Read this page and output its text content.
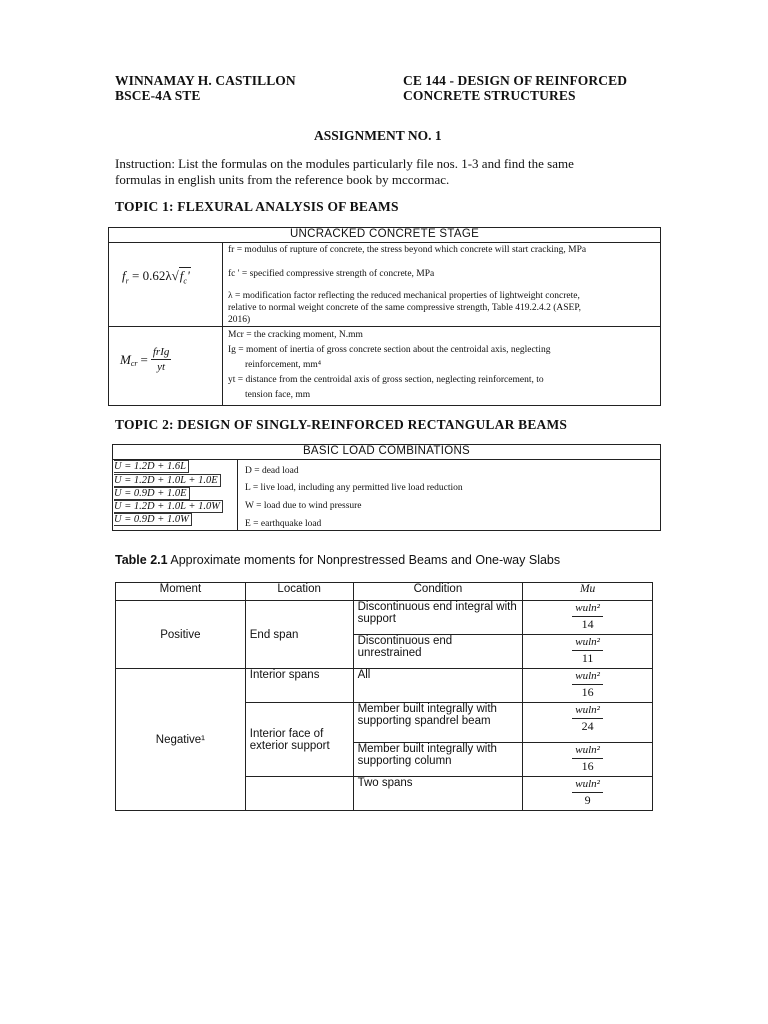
WINNAMAY H. CASTILLON
BSCE-4A STE
CE 144 - DESIGN OF REINFORCED
CONCRETE STRUCTURES
ASSIGNMENT NO. 1
Instruction: List the formulas on the modules particularly file nos. 1-3 and find the same
formulas in english units from the reference book by mccormac.
TOPIC 1: FLEXURAL ANALYSIS OF BEAMS
UNCRACKED CONCRETE STAGE
$f_r = 0.62\lambda√f_c'$
fr = modulus of rupture of concrete, the stress beyond which concrete will start cracking, MPa
fc ' = specified compressive strength of concrete, MPa
λ = modification factor reflecting the reduced mechanical properties of lightweight concrete,
relative to normal weight concrete of the same compressive strength, Table 419.2.4.2 (ASEP,
2016)
$M_{cr} = \frac{\text{frIg}}{yt}$
Mcr = the cracking moment, N.mm
Ig = moment of inertia of gross concrete section about the centroidal axis, neglecting
reinforcement, mm⁴
yt = distance from the centroidal axis of gross section, neglecting reinforcement, to
tension face, mm
TOPIC 2: DESIGN OF SINGLY-REINFORCED RECTANGULAR BEAMS
BASIC LOAD COMBINATIONS
U = 1.2D + 1.6L
U = 1.2D + 1.0L + 1.0E
U = 0.9D + 1.0E
U = 1.2D + 1.0L + 1.0W
U = 0.9D + 1.0W
D = dead load
L = live load, including any permitted live load reduction
W = load due to wind pressure
E = earthquake load
Table 2.1 Approximate moments for Nonprestressed Beams and One-way Slabs
Moment	Location	Condition	Mu
Positive	End span	Discontinuous end integral with support	$\frac{\text{wuln²}}{14}$

		Discontinuous end unrestrained	$\frac{\text{wuln²}}{11}$

Negative¹	Interior spans	All	$\frac{\text{wuln²}}{16}$

	Interior face of exterior support	Member built integrally with supporting spandrel beam	$\frac{\text{wuln²}}{24}$

		Member built integrally with supporting column	$\frac{\text{wuln²}}{16}$

		Two spans	$\frac{\text{wuln²}}{9}$
